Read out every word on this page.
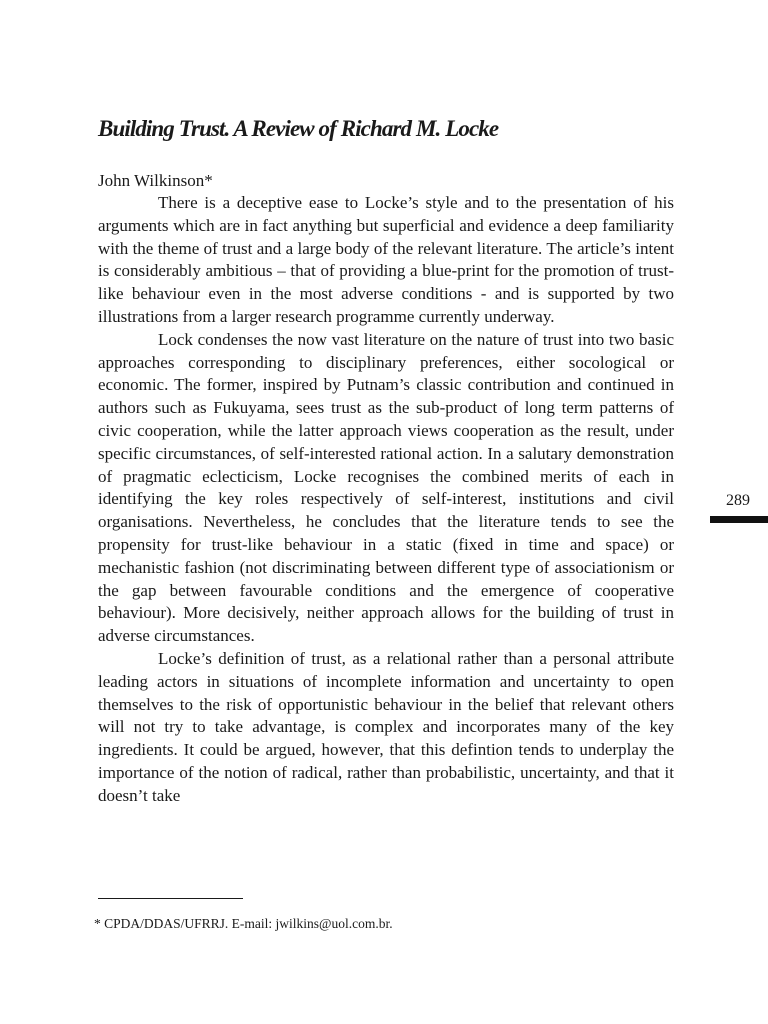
Building Trust. A Review of Richard M. Locke

John Wilkinson*

There is a deceptive ease to Locke’s style and to the presentation of his arguments which are in fact anything but superficial and evidence a deep familiarity with the theme of trust and a large body of the relevant literature. The article’s intent is considerably ambitious – that of providing a blue-print for the promotion of trust-like behaviour even in the most adverse conditions - and is supported by two illustrations from a larger research programme currently underway.

Lock condenses the now vast literature on the nature of trust into two basic approaches corresponding to disciplinary preferences, either socological or economic. The former, inspired by Putnam’s classic contribution and continued in authors such as Fukuyama, sees trust as the sub-product of long term patterns of civic cooperation, while the latter approach views cooperation as the result, under specific circumstances, of self-interested rational action. In a salutary demonstration of pragmatic eclecticism, Locke recognises the combined merits of each in identifying the key roles respectively of self-interest, institutions and civil organisations. Nevertheless, he concludes that the literature tends to see the propensity for trust-like behaviour in a static (fixed in time and space) or mechanistic fashion (not discriminating between different type of associationism or the gap between favourable conditions and the emergence of cooperative behaviour). More decisively, neither approach allows for the building of trust in adverse circumstances.

Locke’s definition of trust, as a relational rather than a personal attribute leading actors in situations of incomplete information and uncertainty to open themselves to the risk of opportunistic behaviour in the belief that relevant others will not try to take advantage, is complex and incorporates many of the key ingredients. It could be argued, however, that this defintion tends to underplay the importance of the notion of radical, rather than probabilistic, uncertainty, and that it doesn’t take

289

* CPDA/DDAS/UFRRJ. E-mail: jwilkins@uol.com.br.
